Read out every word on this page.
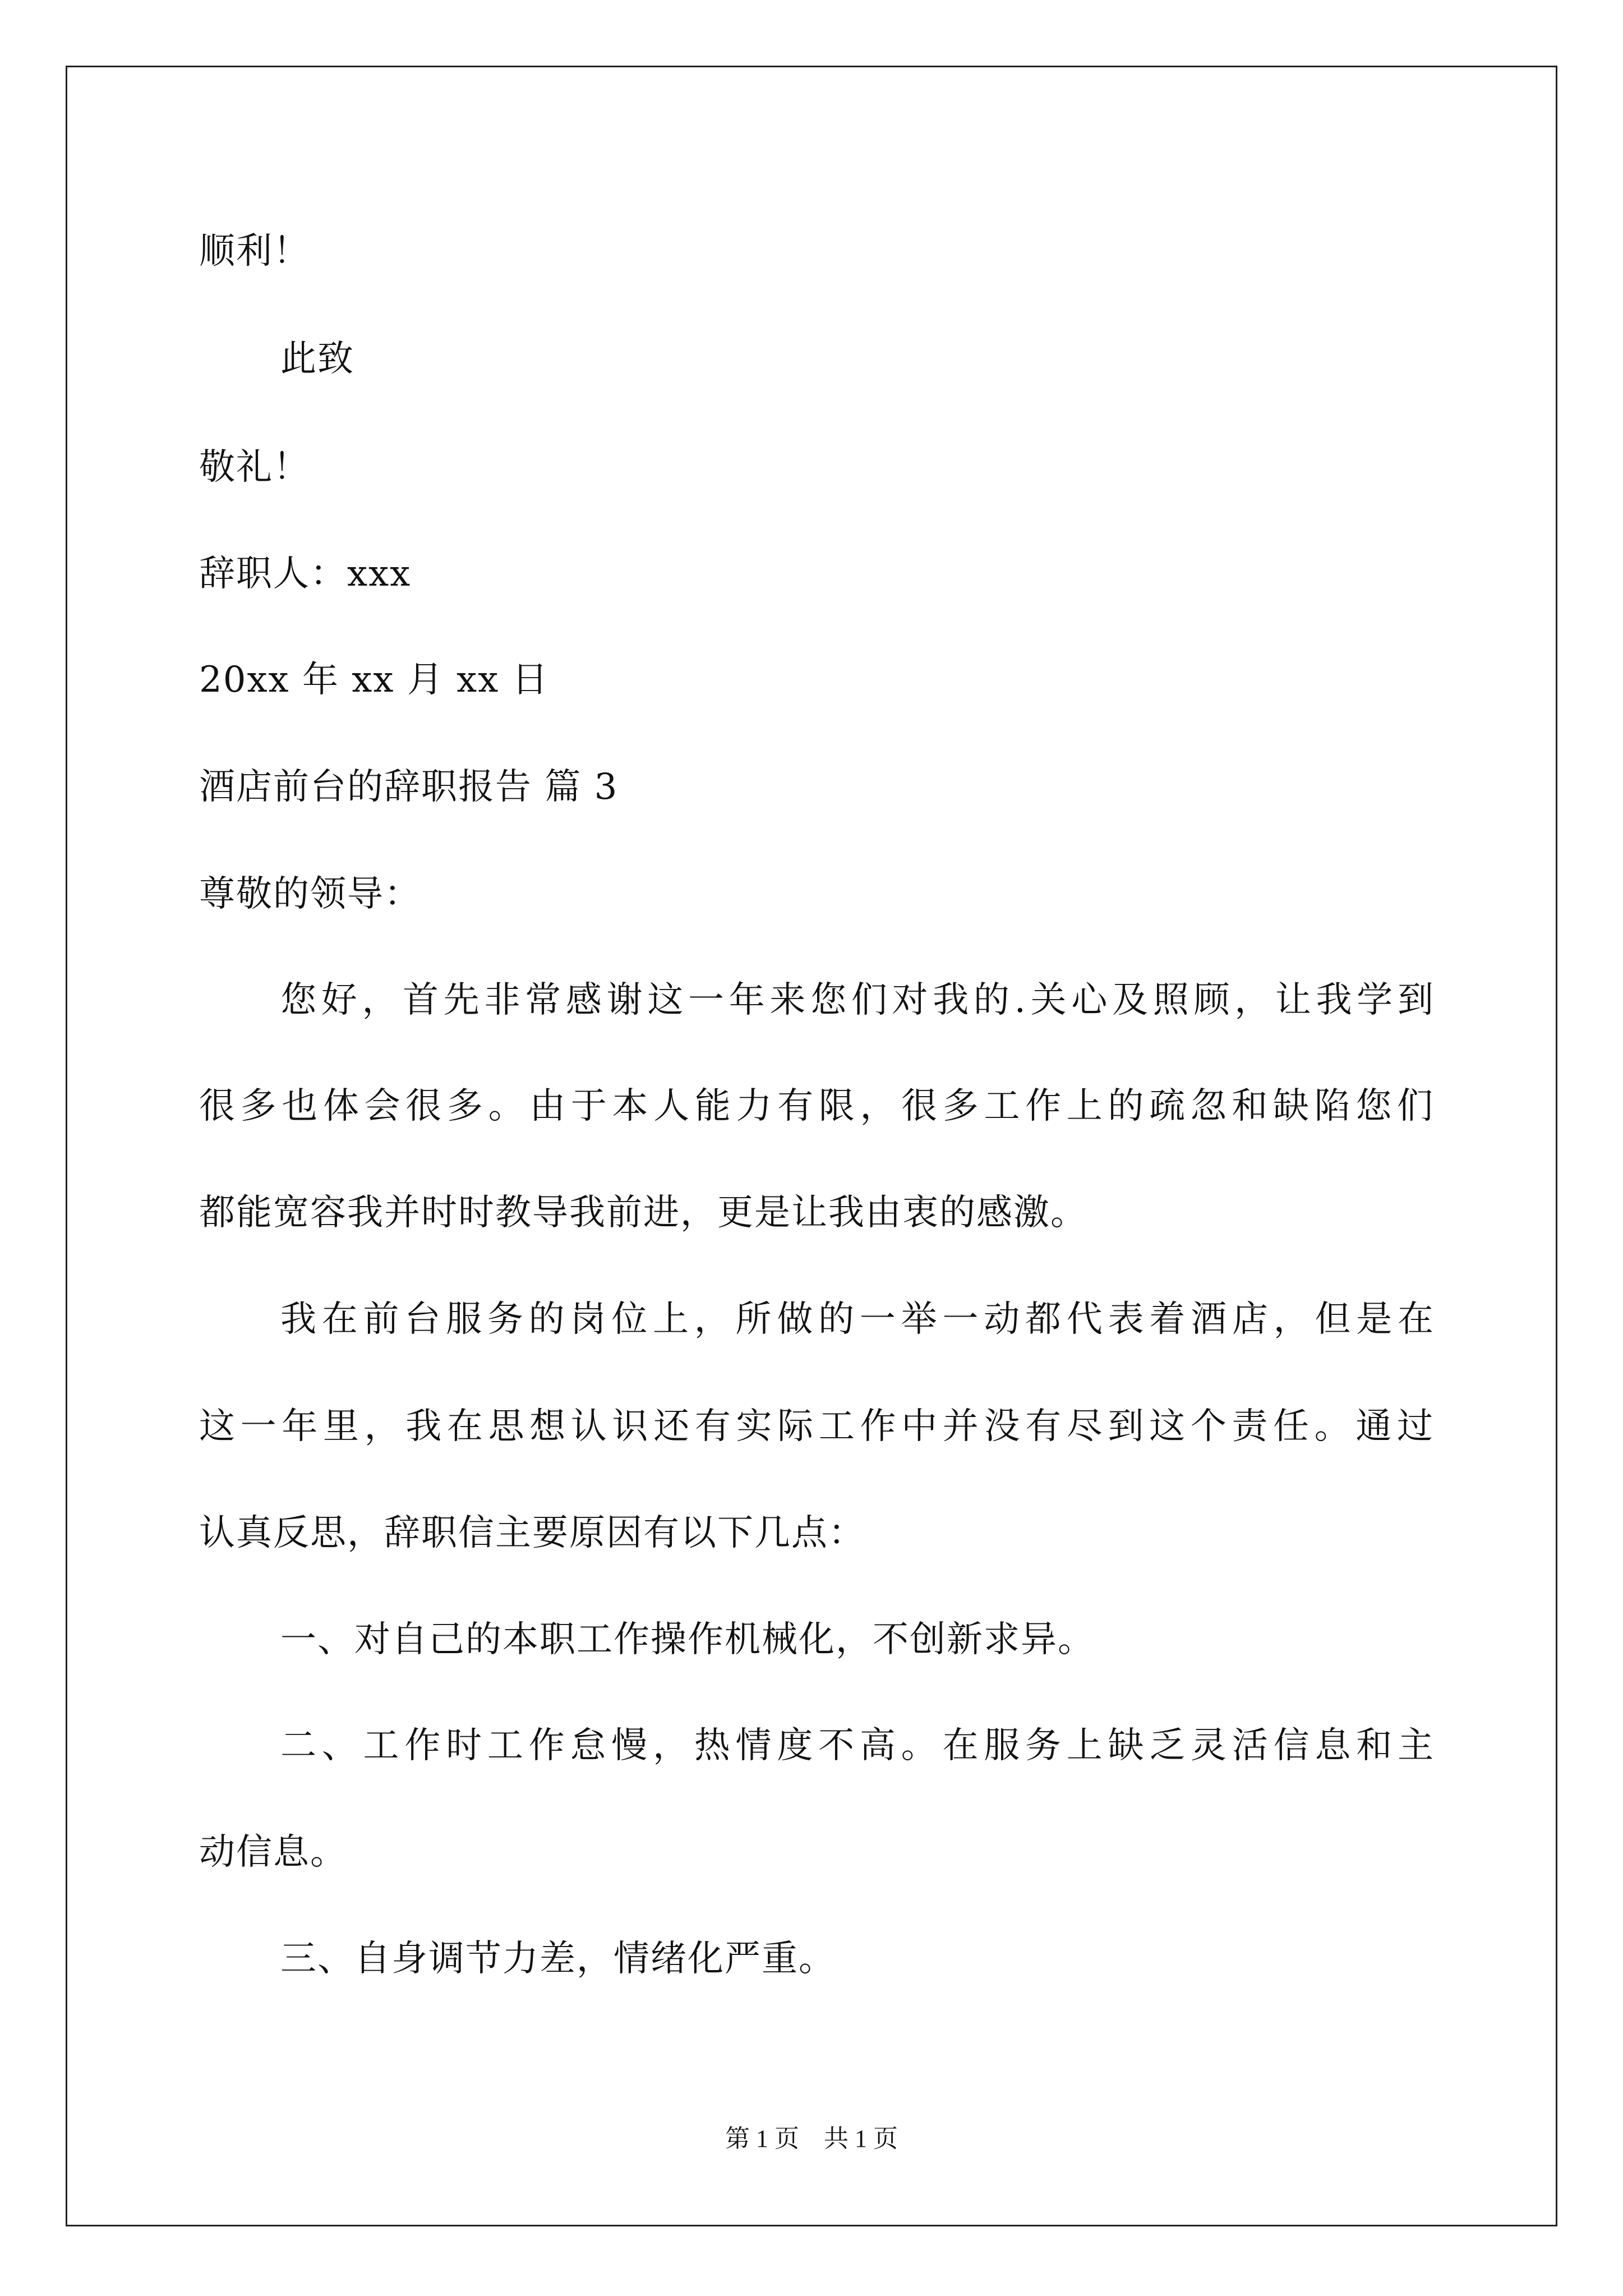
顺利！
此致
敬礼！
辞职人：xxx
20xx 年 xx 月 xx 日
酒店前台的辞职报告 篇 3
尊敬的领导：
您好，首先非常感谢这一年来您们对我的.关心及照顾，让我学到
很多也体会很多。由于本人能力有限，很多工作上的疏忽和缺陷您们
都能宽容我并时时教导我前进，更是让我由衷的感激。
我在前台服务的岗位上，所做的一举一动都代表着酒店，但是在
这一年里，我在思想认识还有实际工作中并没有尽到这个责任。通过
认真反思，辞职信主要原因有以下几点：
一、对自己的本职工作操作机械化，不创新求异。
二、工作时工作怠慢，热情度不高。在服务上缺乏灵活信息和主
动信息。
三、自身调节力差，情绪化严重。
第 1 页    共 1 页
